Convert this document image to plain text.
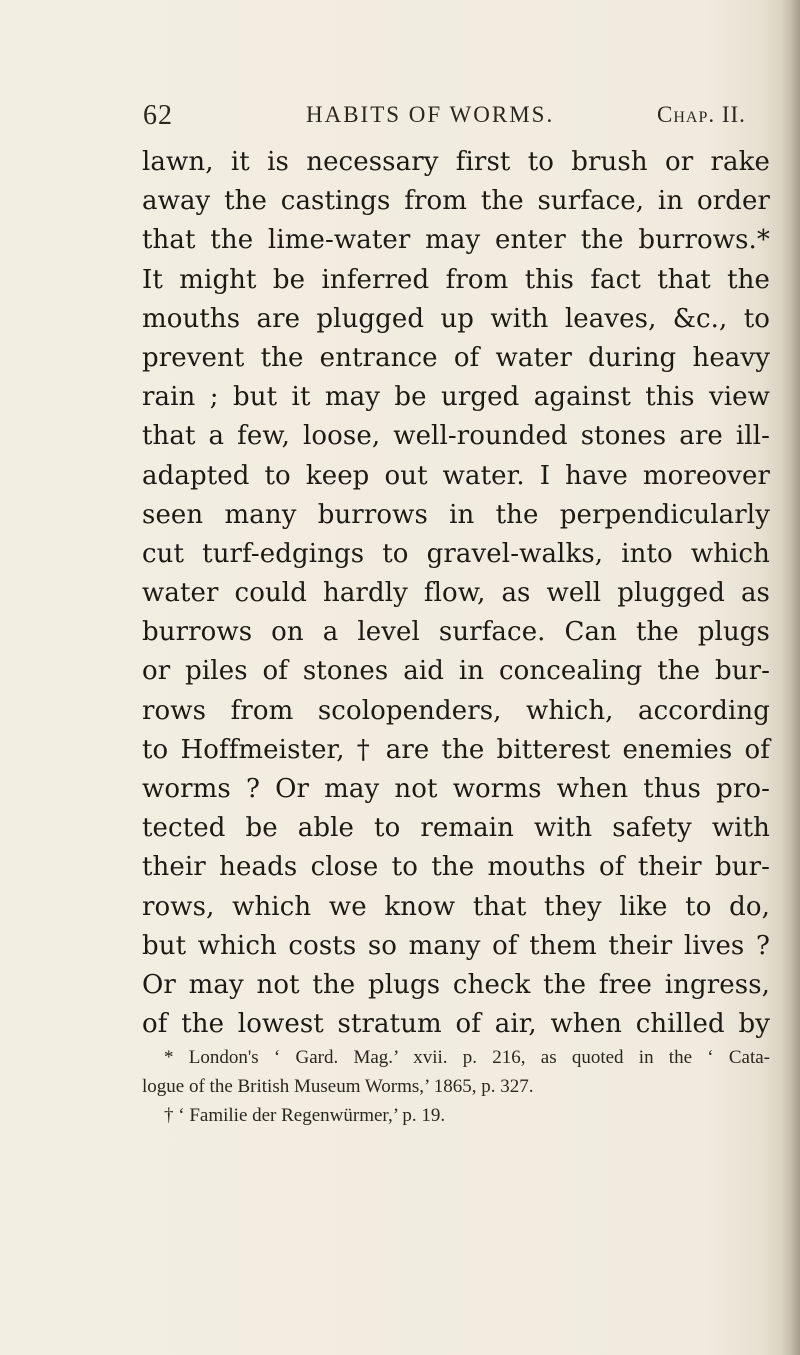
62	HABITS OF WORMS.	Chap. II.
lawn, it is necessary first to brush or rake
away the castings from the surface, in order
that the lime-water may enter the burrows.*
It might be inferred from this fact that the
mouths are plugged up with leaves, &c., to
prevent the entrance of water during heavy
rain ; but it may be urged against this view
that a few, loose, well-rounded stones are ill-
adapted to keep out water. I have moreover
seen many burrows in the perpendicularly
cut turf-edgings to gravel-walks, into which
water could hardly flow, as well plugged as
burrows on a level surface. Can the plugs
or piles of stones aid in concealing the bur-
rows from scolopenders, which, according
to Hoffmeister, † are the bitterest enemies of
worms ? Or may not worms when thus pro-
tected be able to remain with safety with
their heads close to the mouths of their bur-
rows, which we know that they like to do,
but which costs so many of them their lives ?
Or may not the plugs check the free ingress,
of the lowest stratum of air, when chilled by
* London's ‘ Gard. Mag.’ xvii. p. 216, as quoted in the ‘ Cata-
logue of the British Museum Worms,’ 1865, p. 327.
† ‘ Familie der Regenwürmer,’ p. 19.
